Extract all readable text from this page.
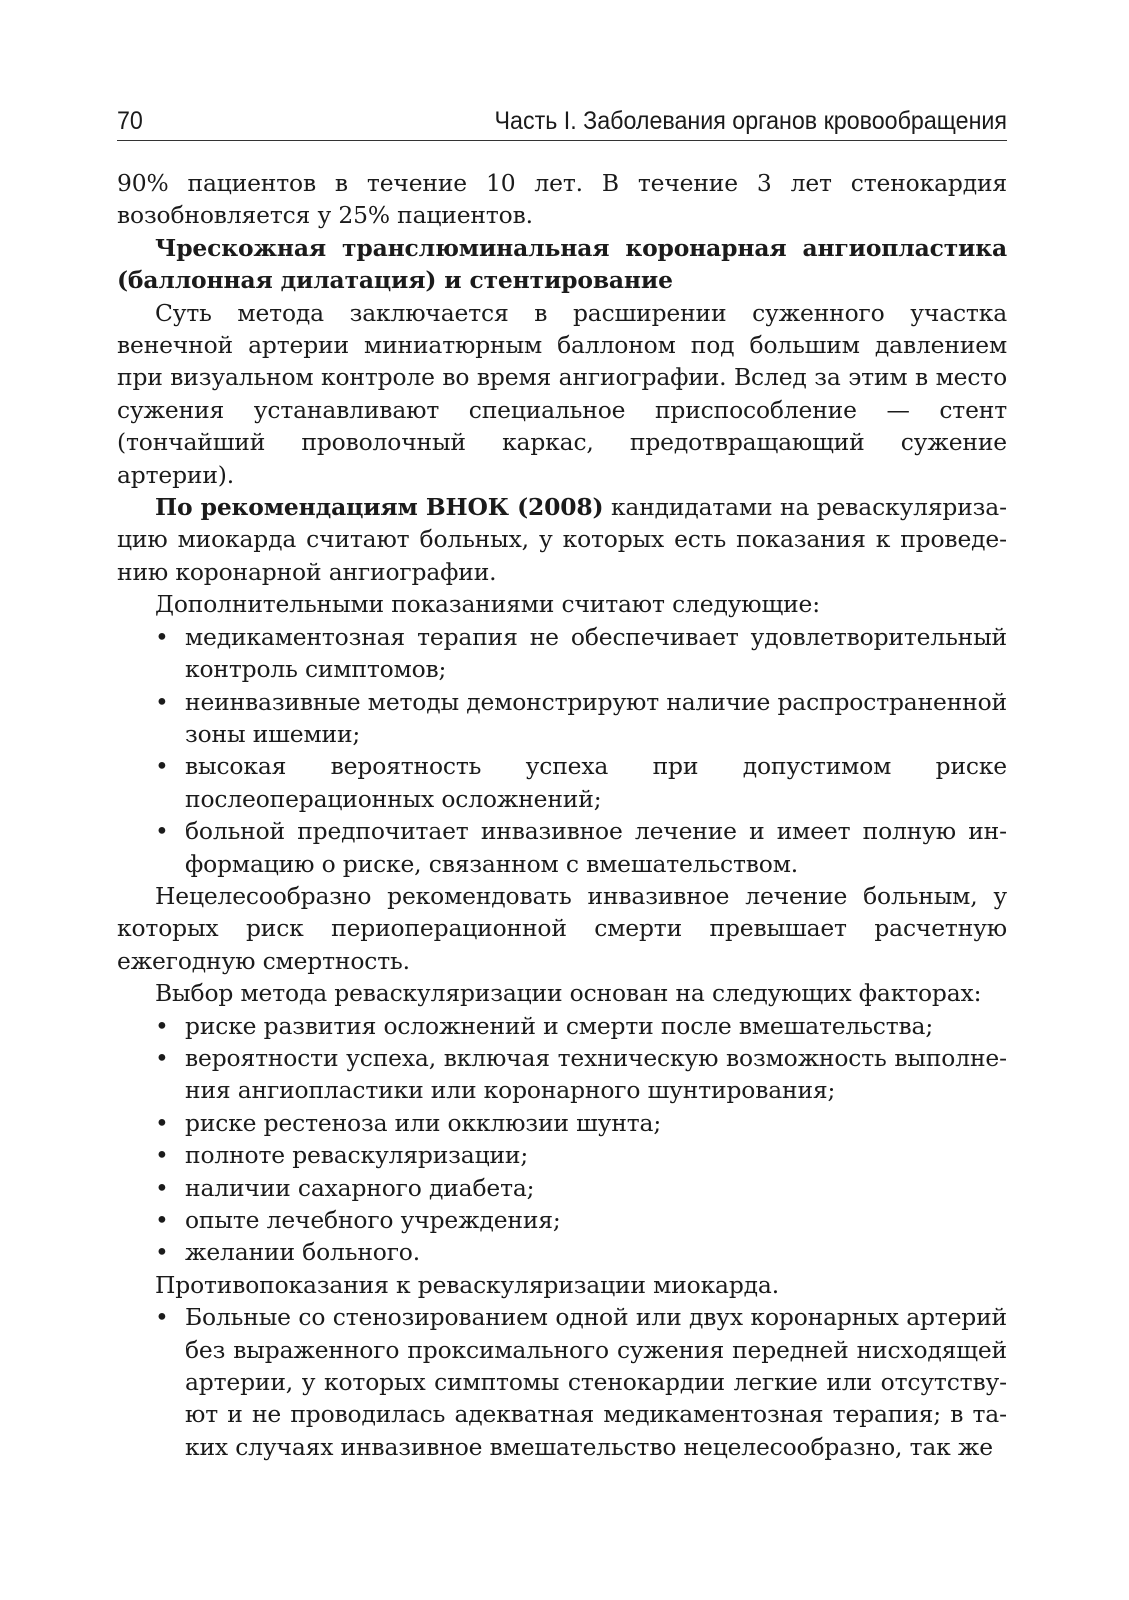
70	Часть I. Заболевания органов кровообращения

90% пациентов в течение 10 лет. В течение 3 лет стенокардия возобновляется у 25% пациентов.

Чрескожная транслюминальная коронарная ангиопластика (баллонная дилатация) и стентирование

Суть метода заключается в расширении суженного участка венечной артерии миниатюрным баллоном под большим давлением при визуальном контроле во время ангиографии. Вслед за этим в место сужения устанавливают специальное приспособление — стент (тончайший проволочный каркас, предотвращающий сужение артерии).

По рекомендациям ВНОК (2008) кандидатами на реваскуляризацию миокарда считают больных, у которых есть показания к проведению коронарной ангиографии.

Дополнительными показаниями считают следующие:

• медикаментозная терапия не обеспечивает удовлетворительный контроль симптомов;
• неинвазивные методы демонстрируют наличие распространенной зоны ишемии;
• высокая вероятность успеха при допустимом риске послеоперационных осложнений;
• больной предпочитает инвазивное лечение и имеет полную информацию о риске, связанном с вмешательством.

Нецелесообразно рекомендовать инвазивное лечение больным, у которых риск периоперационной смерти превышает расчетную ежегодную смертность.

Выбор метода реваскуляризации основан на следующих факторах:

• риске развития осложнений и смерти после вмешательства;
• вероятности успеха, включая техническую возможность выполнения ангиопластики или коронарного шунтирования;
• риске рестеноза или окклюзии шунта;
• полноте реваскуляризации;
• наличии сахарного диабета;
• опыте лечебного учреждения;
• желании больного.

Противопоказания к реваскуляризации миокарда.

• Больные со стенозированием одной или двух коронарных артерий без выраженного проксимального сужения передней нисходящей артерии, у которых симптомы стенокардии легкие или отсутствуют и не проводилась адекватная медикаментозная терапия; в таких случаях инвазивное вмешательство нецелесообразно, так же
